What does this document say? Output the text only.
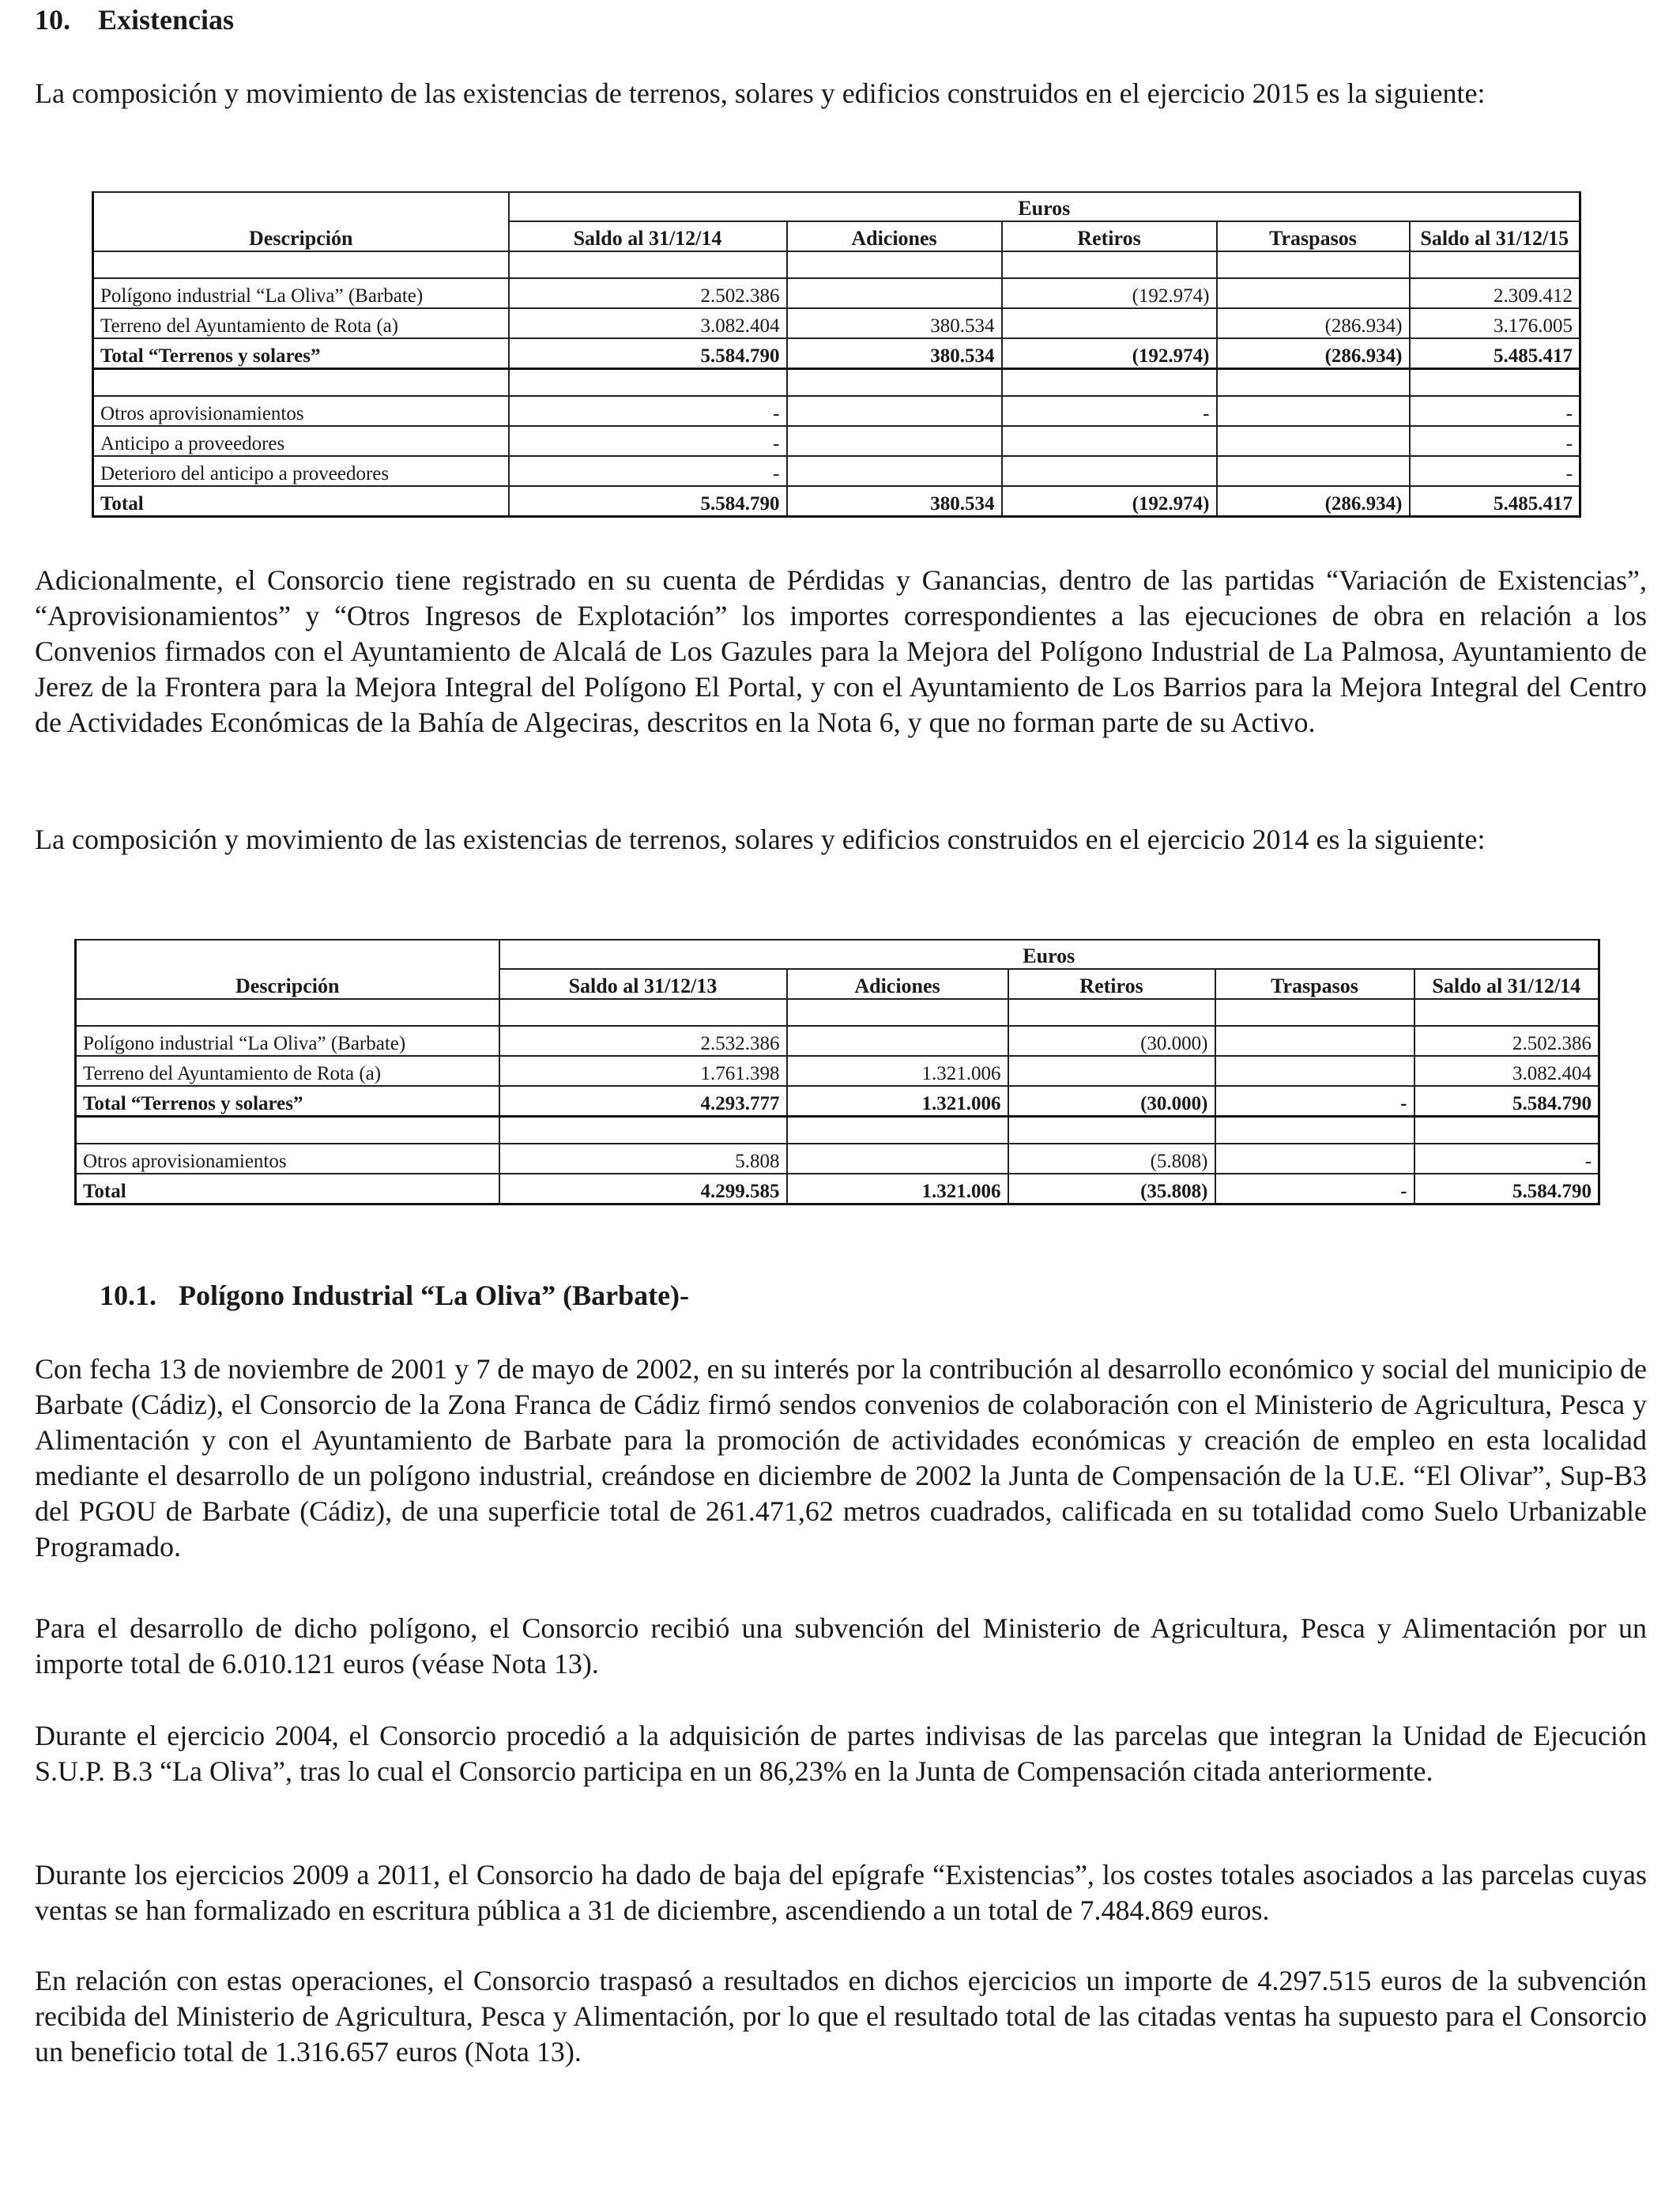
10. Existencias

La composición y movimiento de las existencias de terrenos, solares y edificios construidos en el ejercicio 2015 es la siguiente:

	Euros				
Descripción	Saldo al 31/12/14	Adiciones	Retiros	Traspasos	Saldo al 31/12/15

Polígono industrial “La Oliva” (Barbate)	2.502.386		(192.974)		2.309.412
Terreno del Ayuntamiento de Rota (a)	3.082.404	380.534		(286.934)	3.176.005
Total “Terrenos y solares”	5.584.790	380.534	(192.974)	(286.934)	5.485.417

Otros aprovisionamientos	-		-		-
Anticipo a proveedores	-				-
Deterioro del anticipo a proveedores	-				-
Total	5.584.790	380.534	(192.974)	(286.934)	5.485.417

Adicionalmente, el Consorcio tiene registrado en su cuenta de Pérdidas y Ganancias, dentro de las partidas “Variación de Existencias”, “Aprovisionamientos” y “Otros Ingresos de Explotación” los importes correspondientes a las ejecuciones de obra en relación a los Convenios firmados con el Ayuntamiento de Alcalá de Los Gazules para la Mejora del Polígono Industrial de La Palmosa, Ayuntamiento de Jerez de la Frontera para la Mejora Integral del Polígono El Portal, y con el Ayuntamiento de Los Barrios para la Mejora Integral del Centro de Actividades Económicas de la Bahía de Algeciras, descritos en la Nota 6, y que no forman parte de su Activo.

La composición y movimiento de las existencias de terrenos, solares y edificios construidos en el ejercicio 2014 es la siguiente:

	Euros				
Descripción	Saldo al 31/12/13	Adiciones	Retiros	Traspasos	Saldo al 31/12/14

Polígono industrial “La Oliva” (Barbate)	2.532.386		(30.000)		2.502.386
Terreno del Ayuntamiento de Rota (a)	1.761.398	1.321.006			3.082.404
Total “Terrenos y solares”	4.293.777	1.321.006	(30.000)	-	5.584.790

Otros aprovisionamientos	5.808		(5.808)		-
Total	4.299.585	1.321.006	(35.808)	-	5.584.790
10.1. Polígono Industrial “La Oliva” (Barbate)-

Con fecha 13 de noviembre de 2001 y 7 de mayo de 2002, en su interés por la contribución al desarrollo económico y social del municipio de Barbate (Cádiz), el Consorcio de la Zona Franca de Cádiz firmó sendos convenios de colaboración con el Ministerio de Agricultura, Pesca y Alimentación y con el Ayuntamiento de Barbate para la promoción de actividades económicas y creación de empleo en esta localidad mediante el desarrollo de un polígono industrial, creándose en diciembre de 2002 la Junta de Compensación de la U.E. “El Olivar”, Sup-B3 del PGOU de Barbate (Cádiz), de una superficie total de 261.471,62 metros cuadrados, calificada en su totalidad como Suelo Urbanizable Programado.

Para el desarrollo de dicho polígono, el Consorcio recibió una subvención del Ministerio de Agricultura, Pesca y Alimentación por un importe total de 6.010.121 euros (véase Nota 13).

Durante el ejercicio 2004, el Consorcio procedió a la adquisición de partes indivisas de las parcelas que integran la Unidad de Ejecución S.U.P. B.3 “La Oliva”, tras lo cual el Consorcio participa en un 86,23% en la Junta de Compensación citada anteriormente.

Durante los ejercicios 2009 a 2011, el Consorcio ha dado de baja del epígrafe “Existencias”, los costes totales asociados a las parcelas cuyas ventas se han formalizado en escritura pública a 31 de diciembre, ascendiendo a un total de 7.484.869 euros.

En relación con estas operaciones, el Consorcio traspasó a resultados en dichos ejercicios un importe de 4.297.515 euros de la subvención recibida del Ministerio de Agricultura, Pesca y Alimentación, por lo que el resultado total de las citadas ventas ha supuesto para el Consorcio un beneficio total de 1.316.657 euros (Nota 13).
